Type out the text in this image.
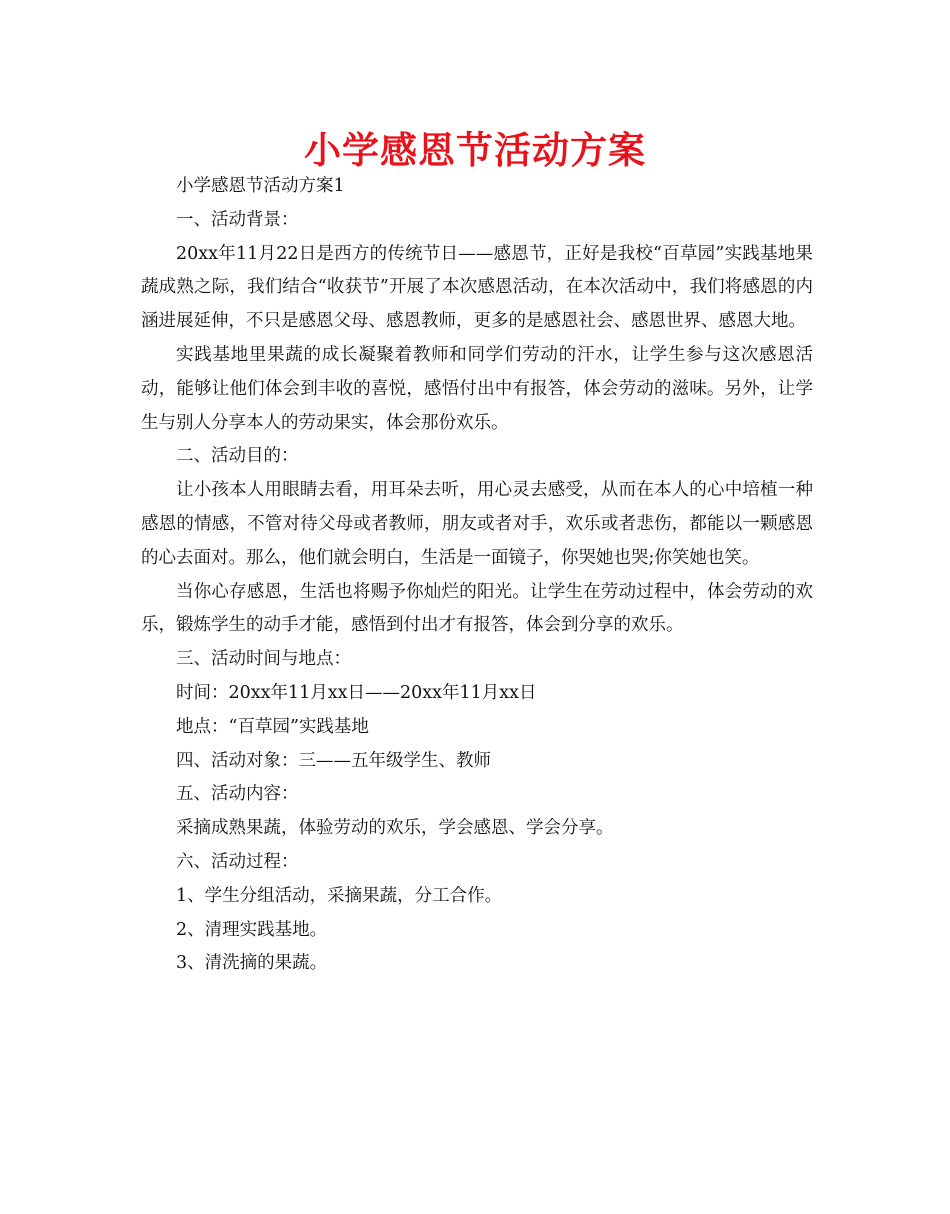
小学感恩节活动方案

小学感恩节活动方案1

一、活动背景：

20xx年11月22日是西方的传统节日——感恩节，正好是我校“百草园”实践基地果蔬成熟之际，我们结合“收获节”开展了本次感恩活动，在本次活动中，我们将感恩的内涵进展延伸，不只是感恩父母、感恩教师，更多的是感恩社会、感恩世界、感恩大地。

实践基地里果蔬的成长凝聚着教师和同学们劳动的汗水，让学生参与这次感恩活动，能够让他们体会到丰收的喜悦，感悟付出中有报答，体会劳动的滋味。另外，让学生与别人分享本人的劳动果实，体会那份欢乐。

二、活动目的：

让小孩本人用眼睛去看，用耳朵去听，用心灵去感受，从而在本人的心中培植一种感恩的情感，不管对待父母或者教师，朋友或者对手，欢乐或者悲伤，都能以一颗感恩的心去面对。那么，他们就会明白，生活是一面镜子，你哭她也哭;你笑她也笑。

当你心存感恩，生活也将赐予你灿烂的阳光。让学生在劳动过程中，体会劳动的欢乐，锻炼学生的动手才能，感悟到付出才有报答，体会到分享的欢乐。

三、活动时间与地点：

时间：20xx年11月xx日——20xx年11月xx日

地点：“百草园”实践基地

四、活动对象：三——五年级学生、教师

五、活动内容：

采摘成熟果蔬，体验劳动的欢乐，学会感恩、学会分享。

六、活动过程：

1、学生分组活动，采摘果蔬，分工合作。

2、清理实践基地。

3、清洗摘的果蔬。
